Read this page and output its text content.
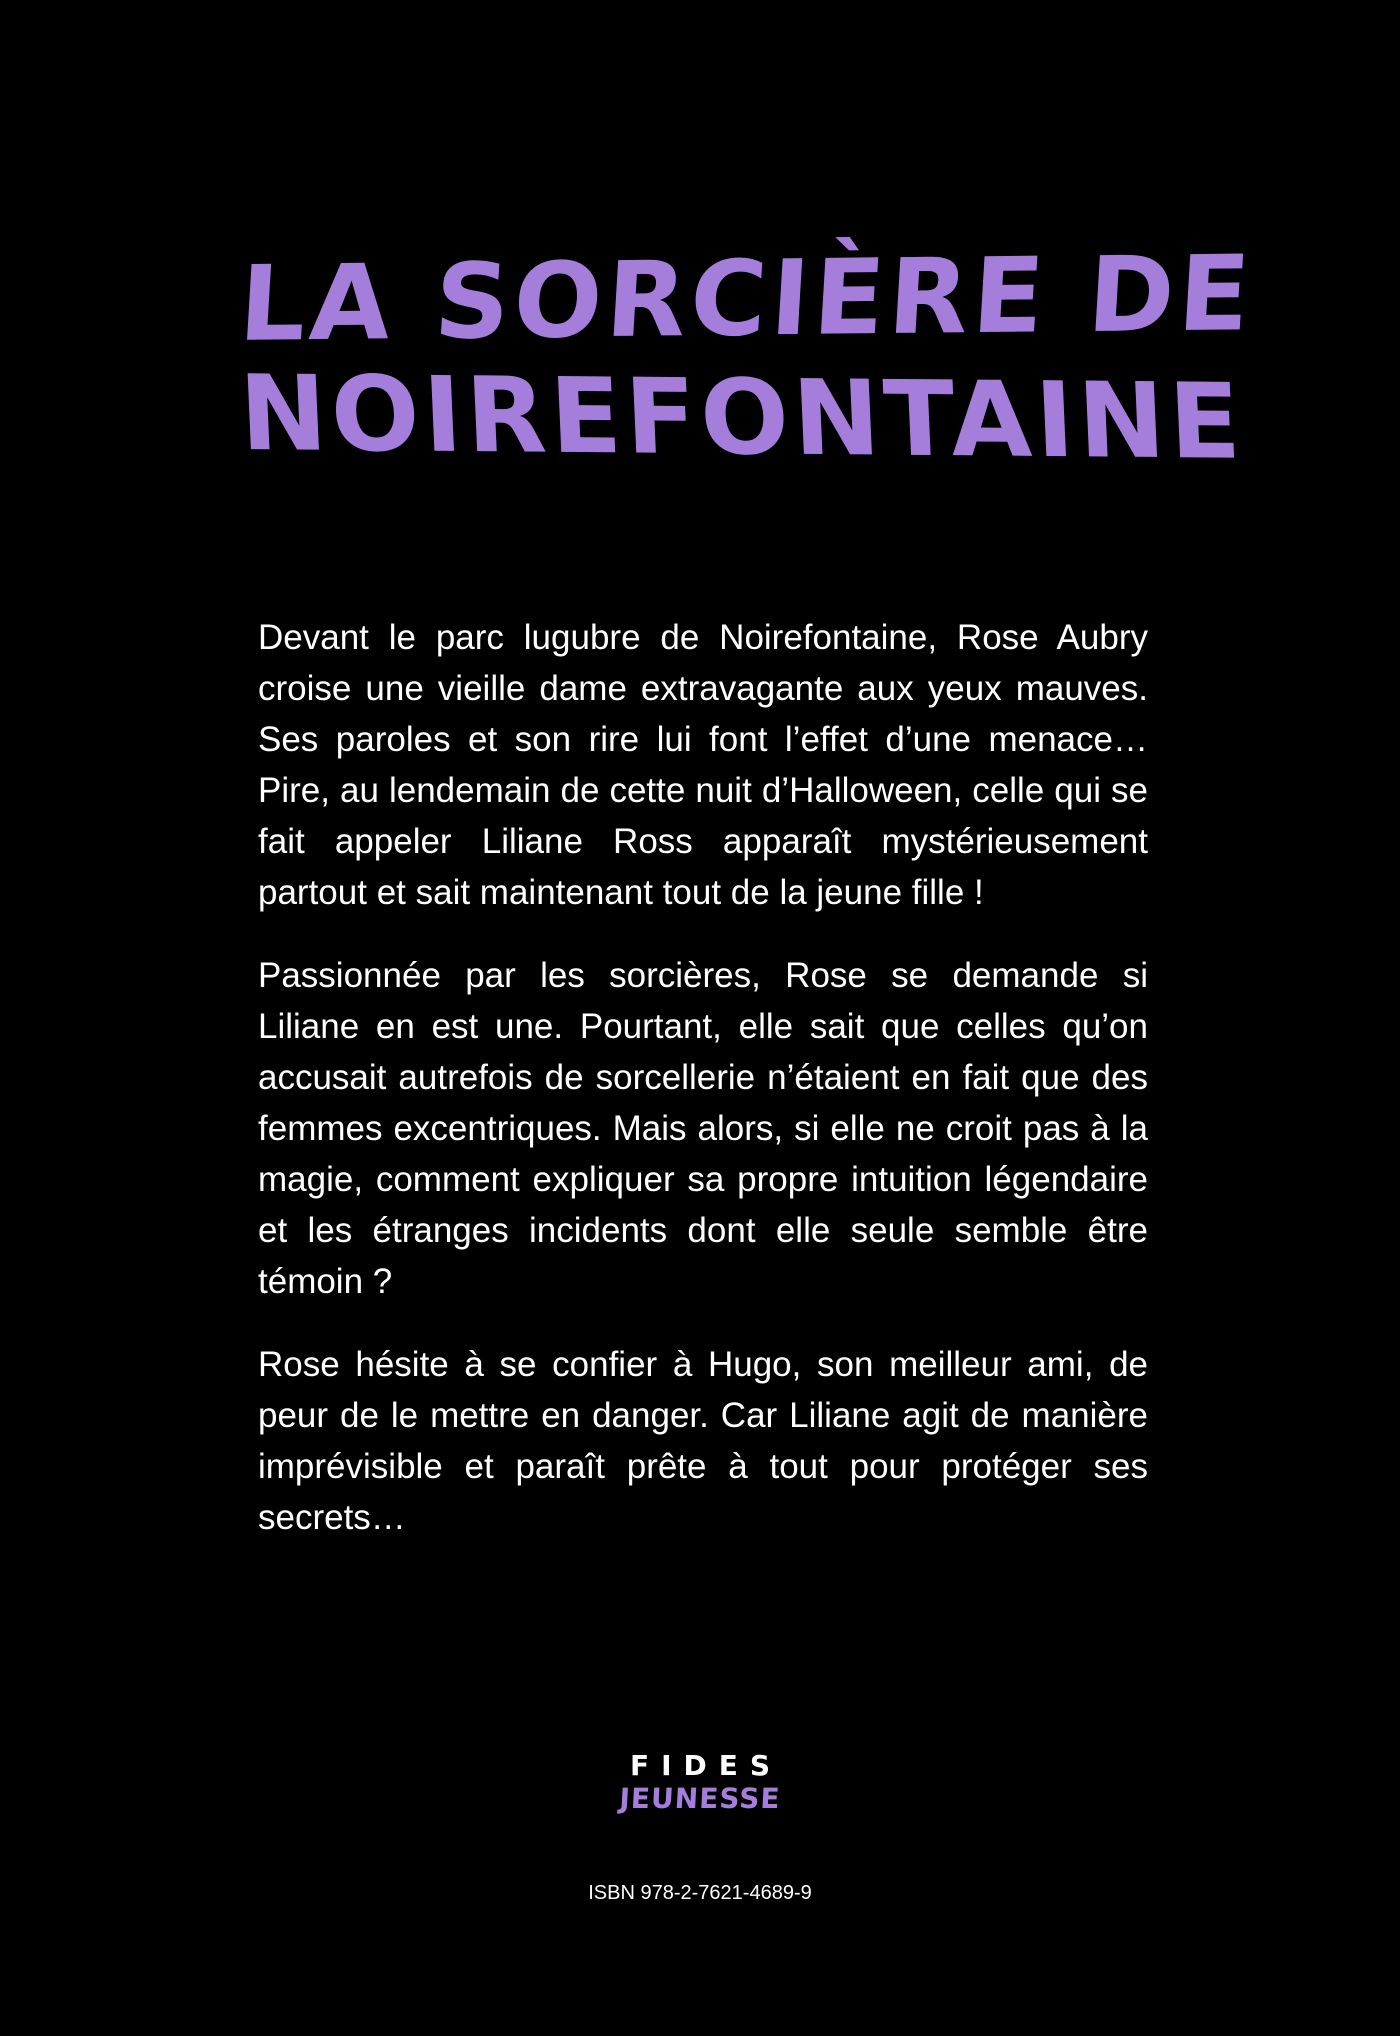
LA SORCIÈRE DE
NOIREFONTAINE

Devant le parc lugubre de Noirefontaine, Rose Aubry croise une vieille dame extravagante aux yeux mauves. Ses paroles et son rire lui font l’effet d’une menace… Pire, au lendemain de cette nuit d’Halloween, celle qui se fait appeler Liliane Ross apparaît mystérieusement partout et sait maintenant tout de la jeune fille !

Passionnée par les sorcières, Rose se demande si Liliane en est une. Pourtant, elle sait que celles qu’on accusait autrefois de sorcellerie n’étaient en fait que des femmes excentriques. Mais alors, si elle ne croit pas à la magie, comment expliquer sa propre intuition légendaire et les étranges incidents dont elle seule semble être témoin ?

Rose hésite à se confier à Hugo, son meilleur ami, de peur de le mettre en danger. Car Liliane agit de manière imprévisible et paraît prête à tout pour protéger ses secrets…

FIDES
JEUNESSE
ISBN 978-2-7621-4689-9
